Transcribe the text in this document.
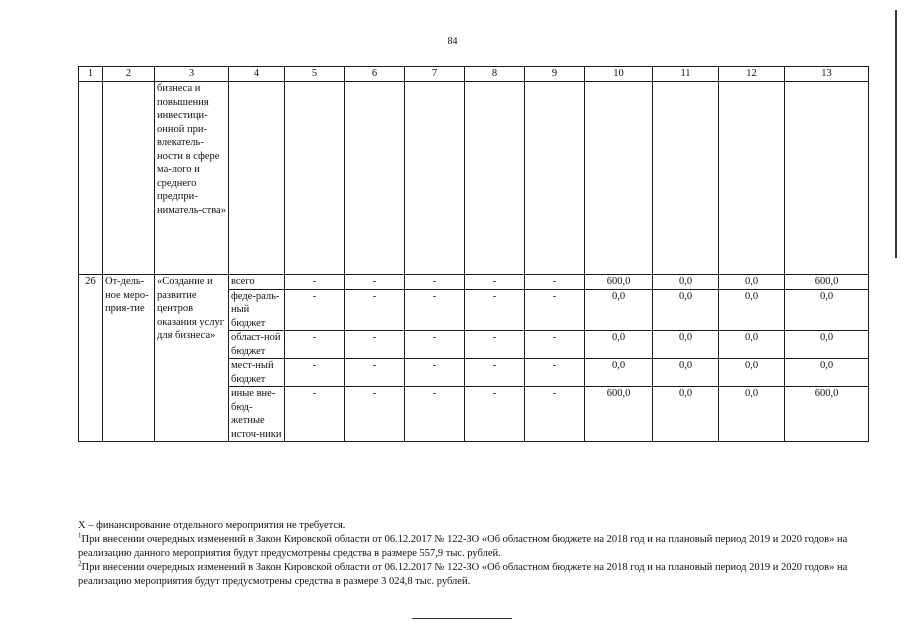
84
1	2	3	4	5	6	7	8	9	10	11	12	13
		бизнеса и повышения инвестици-онной при-влекатель-ности в сфере ма-лого и среднего предпри-ниматель-ства»										
26	От-дель-ное меро-прия-тие	«Создание и развитие центров оказания услуг для бизнеса»	всего	-	-	-	-	-	600,0	0,0	0,0	600,0
			феде-раль-ный бюджет	-	-	-	-	-	0,0	0,0	0,0	0,0
			област-ной бюджет	-	-	-	-	-	0,0	0,0	0,0	0,0
			мест-ный бюджет	-	-	-	-	-	0,0	0,0	0,0	0,0
			иные вне-бюд-жетные источ-ники	-	-	-	-	-	600,0	0,0	0,0	600,0

X – финансирование отдельного мероприятия не требуется.

$^1$При внесении очередных изменений в Закон Кировской области от 06.12.2017 № 122-ЗО «Об областном бюджете на 2018 год и на плановый период 2019 и 2020 годов» на реализацию данного мероприятия будут предусмотрены средства в размере 557,9 тыс. рублей.

$^2$При внесении очередных изменений в Закон Кировской области от 06.12.2017 № 122-ЗО «Об областном бюджете на 2018 год и на плановый период 2019 и 2020 годов» на реализацию мероприятия будут предусмотрены средства в размере 3 024,8 тыс. рублей.
